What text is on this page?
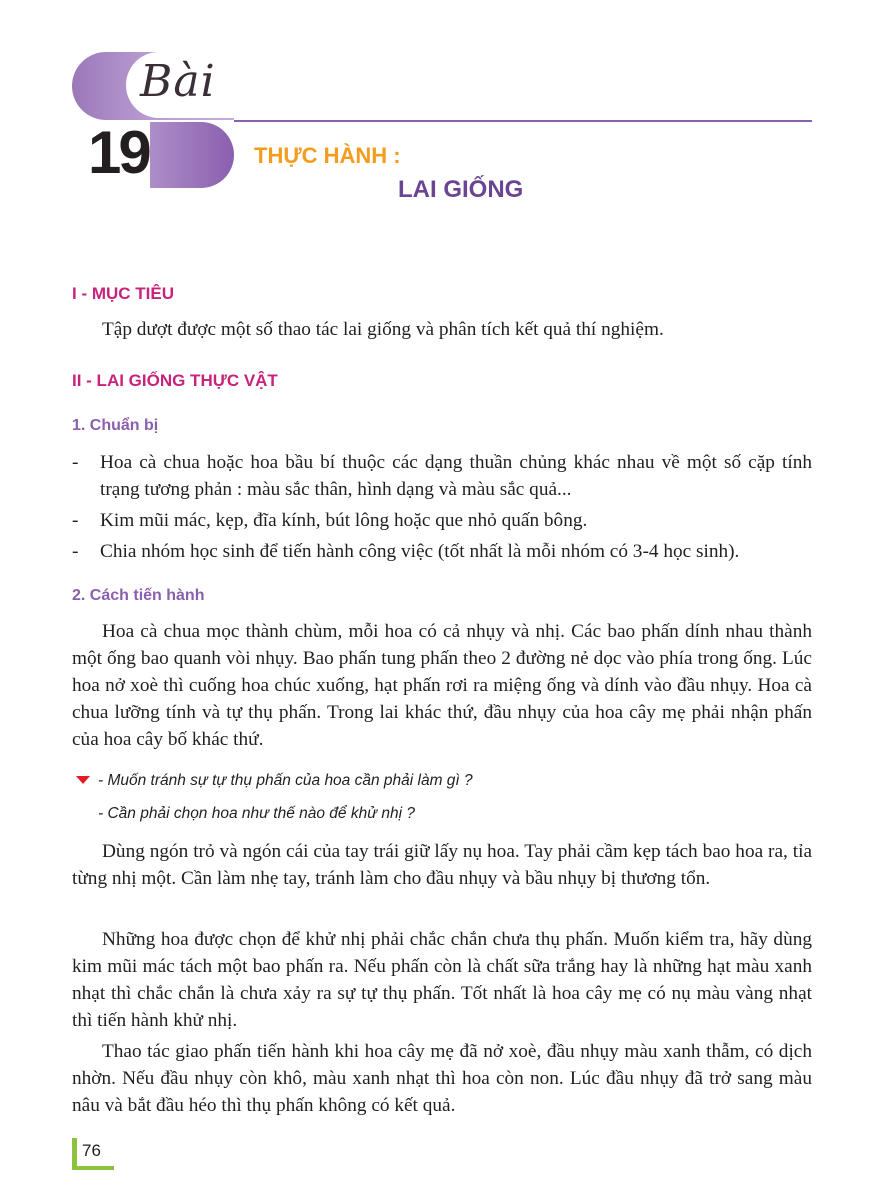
Bài
19	THỰC HÀNH :
LAI GIỐNG
I - MỤC TIÊU

Tập dượt được một số thao tác lai giống và phân tích kết quả thí nghiệm.

II - LAI GIỐNG THỰC VẬT
1. Chuẩn bị
- Hoa cà chua hoặc hoa bầu bí thuộc các dạng thuần chủng khác nhau về một số cặp tính trạng tương phản : màu sắc thân, hình dạng và màu sắc quả...
- Kim mũi mác, kẹp, đĩa kính, bút lông hoặc que nhỏ quấn bông.
- Chia nhóm học sinh để tiến hành công việc (tốt nhất là mỗi nhóm có 3-4 học sinh).
2. Cách tiến hành

Hoa cà chua mọc thành chùm, mỗi hoa có cả nhụy và nhị. Các bao phấn dính nhau thành một ống bao quanh vòi nhụy. Bao phấn tung phấn theo 2 đường nẻ dọc vào phía trong ống. Lúc hoa nở xoè thì cuống hoa chúc xuống, hạt phấn rơi ra miệng ống và dính vào đầu nhụy. Hoa cà chua lưỡng tính và tự thụ phấn. Trong lai khác thứ, đầu nhụy của hoa cây mẹ phải nhận phấn của hoa cây bố khác thứ.

- Muốn tránh sự tự thụ phấn của hoa cần phải làm gì ?
- Cần phải chọn hoa như thế nào để khử nhị ?

Dùng ngón trỏ và ngón cái của tay trái giữ lấy nụ hoa. Tay phải cầm kẹp tách bao hoa ra, tỉa từng nhị một. Cần làm nhẹ tay, tránh làm cho đầu nhụy và bầu nhụy bị thương tổn.

Những hoa được chọn để khử nhị phải chắc chắn chưa thụ phấn. Muốn kiểm tra, hãy dùng kim mũi mác tách một bao phấn ra. Nếu phấn còn là chất sữa trắng hay là những hạt màu xanh nhạt thì chắc chắn là chưa xảy ra sự tự thụ phấn. Tốt nhất là hoa cây mẹ có nụ màu vàng nhạt thì tiến hành khử nhị.

Thao tác giao phấn tiến hành khi hoa cây mẹ đã nở xoè, đầu nhụy màu xanh thẫm, có dịch nhờn. Nếu đầu nhụy còn khô, màu xanh nhạt thì hoa còn non. Lúc đầu nhụy đã trở sang màu nâu và bắt đầu héo thì thụ phấn không có kết quả.

76
